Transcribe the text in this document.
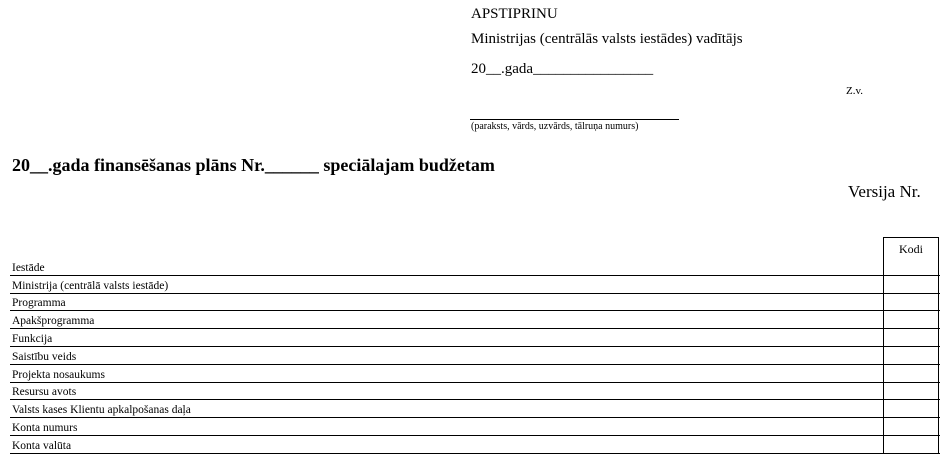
APSTIPRINU
Ministrijas (centrālās valsts iestādes) vadītājs
20__.gada________________
Z.v.
(paraksts, vārds, uzvārds, tālruņa numurs)
20__.gada finansēšanas plāns Nr.______ speciālajam budžetam
Versija Nr.
Kodi
Iestāde
Ministrija (centrālā valsts iestāde)
Programma
Apakšprogramma
Funkcija
Saistību veids
Projekta nosaukums
Resursu avots
Valsts kases Klientu apkalpošanas daļa
Konta numurs
Konta valūta
